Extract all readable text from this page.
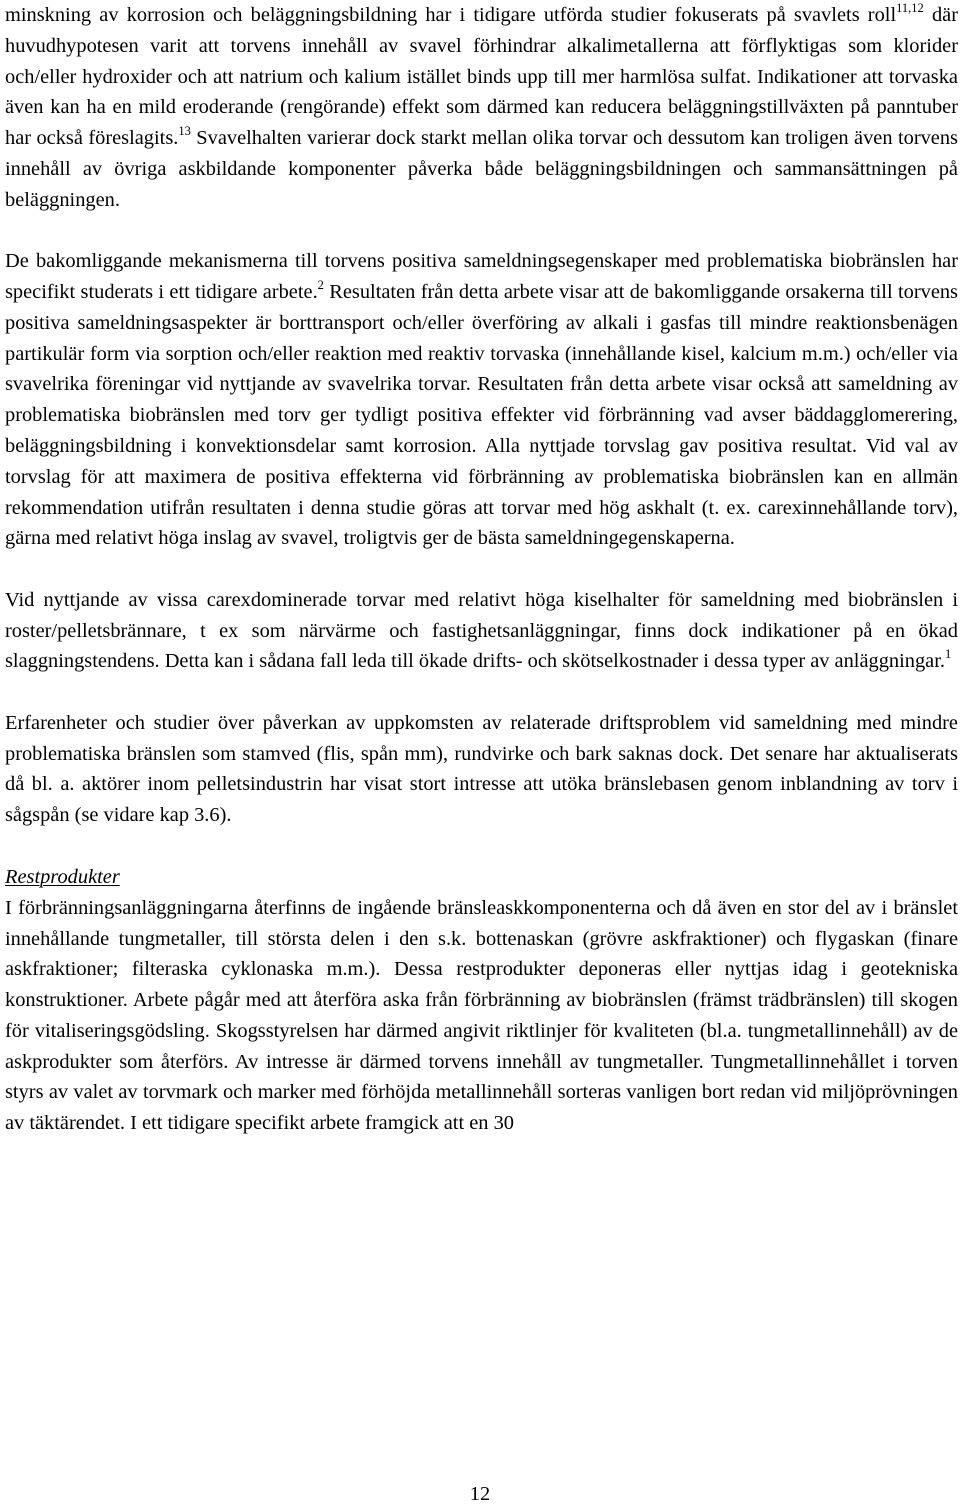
minskning av korrosion och beläggningsbildning har i tidigare utförda studier fokuserats på svavlets roll$^{11,12}$ där huvudhypotesen varit att torvens innehåll av svavel förhindrar alkalimetallerna att förflyktigas som klorider och/eller hydroxider och att natrium och kalium istället binds upp till mer harmlösa sulfat. Indikationer att torvaska även kan ha en mild eroderande (rengörande) effekt som därmed kan reducera beläggningstillväxten på panntuber har också föreslagits.$^{13}$ Svavelhalten varierar dock starkt mellan olika torvar och dessutom kan troligen även torvens innehåll av övriga askbildande komponenter påverka både beläggningsbildningen och sammansättningen på beläggningen.

De bakomliggande mekanismerna till torvens positiva sameldningsegenskaper med problematiska biobränslen har specifikt studerats i ett tidigare arbete.$^2$ Resultaten från detta arbete visar att de bakomliggande orsakerna till torvens positiva sameldningsaspekter är borttransport och/eller överföring av alkali i gasfas till mindre reaktionsbenägen partikulär form via sorption och/eller reaktion med reaktiv torvaska (innehållande kisel, kalcium m.m.) och/eller via svavelrika föreningar vid nyttjande av svavelrika torvar. Resultaten från detta arbete visar också att sameldning av problematiska biobränslen med torv ger tydligt positiva effekter vid förbränning vad avser bäddagglomerering, beläggningsbildning i konvektionsdelar samt korrosion. Alla nyttjade torvslag gav positiva resultat. Vid val av torvslag för att maximera de positiva effekterna vid förbränning av problematiska biobränslen kan en allmän rekommendation utifrån resultaten i denna studie göras att torvar med hög askhalt (t. ex. carexinnehållande torv), gärna med relativt höga inslag av svavel, troligtvis ger de bästa sameldningegenskaperna.

Vid nyttjande av vissa carexdominerade torvar med relativt höga kiselhalter för sameldning med biobränslen i roster/pelletsbrännare, t ex som närvärme och fastighetsanläggningar, finns dock indikationer på en ökad slaggningstendens. Detta kan i sådana fall leda till ökade drifts- och skötselkostnader i dessa typer av anläggningar.$^1$

Erfarenheter och studier över påverkan av uppkomsten av relaterade driftsproblem vid sameldning med mindre problematiska bränslen som stamved (flis, spån mm), rundvirke och bark saknas dock. Det senare har aktualiserats då bl. a. aktörer inom pelletsindustrin har visat stort intresse att utöka bränslebasen genom inblandning av torv i sågspån (se vidare kap 3.6).

Restprodukter

I förbränningsanläggningarna återfinns de ingående bränsleaskkomponenterna och då även en stor del av i bränslet innehållande tungmetaller, till största delen i den s.k. bottenaskan (grövre askfraktioner) och flygaskan (finare askfraktioner; filteraska cyklonaska m.m.). Dessa restprodukter deponeras eller nyttjas idag i geotekniska konstruktioner. Arbete pågår med att återföra aska från förbränning av biobränslen (främst trädbränslen) till skogen för vitaliseringsgödsling. Skogsstyrelsen har därmed angivit riktlinjer för kvaliteten (bl.a. tungmetallinnehåll) av de askprodukter som återförs. Av intresse är därmed torvens innehåll av tungmetaller. Tungmetallinnehållet i torven styrs av valet av torvmark och marker med förhöjda metallinnehåll sorteras vanligen bort redan vid miljöprövningen av täktärendet. I ett tidigare specifikt arbete framgick att en 30

12
